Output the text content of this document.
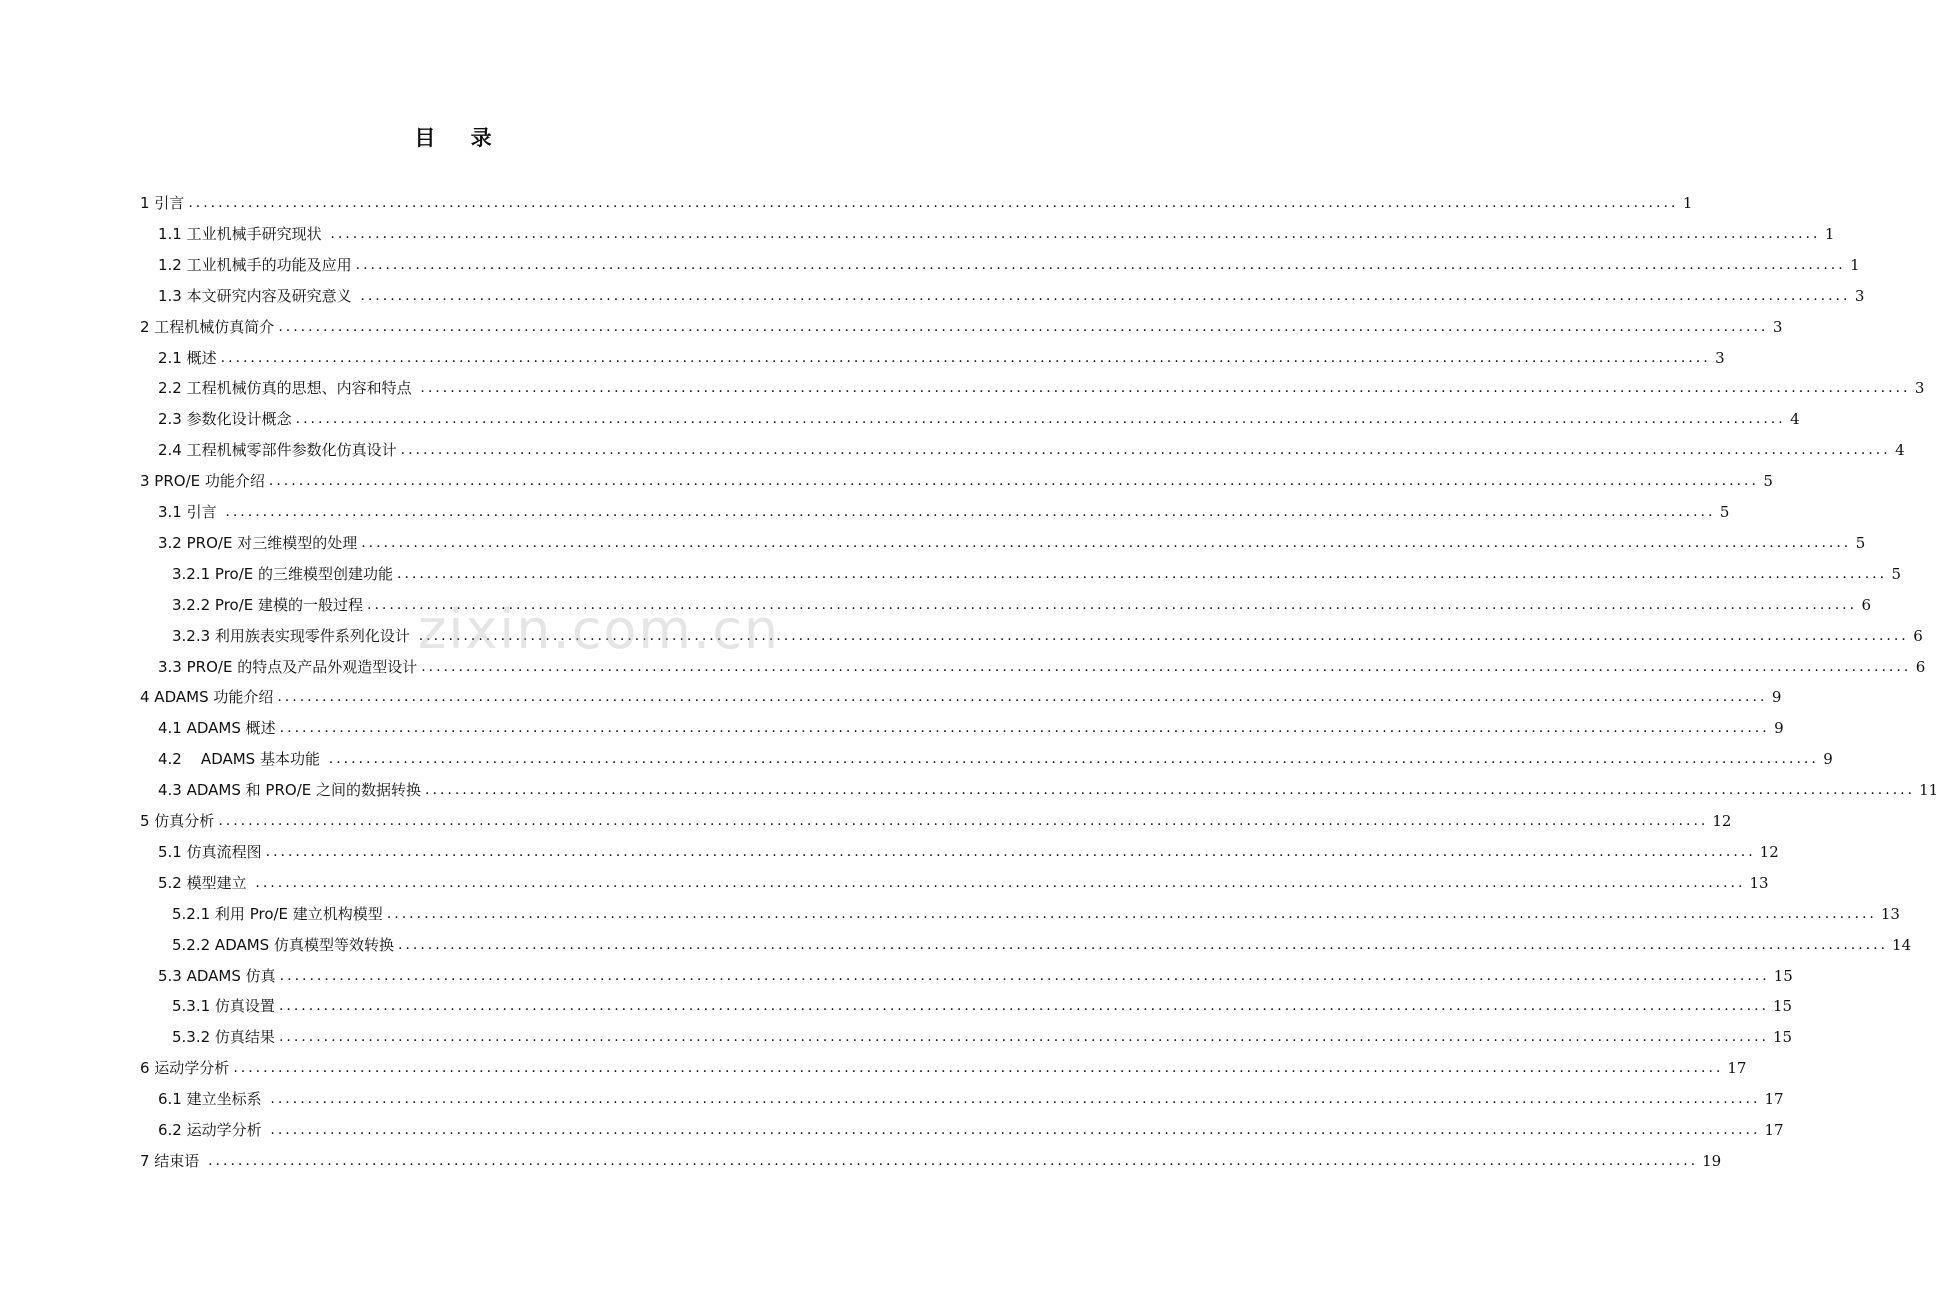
目 录
1 引言 ........................................................................................................................................................................................................ 1
1.1 工业机械手研究现状 ........................................................................................................................................................................................................ 1
1.2 工业机械手的功能及应用 ........................................................................................................................................................................................................ 1
1.3 本文研究内容及研究意义 ........................................................................................................................................................................................................ 3
2 工程机械仿真简介 ........................................................................................................................................................................................................ 3
2.1 概述 ........................................................................................................................................................................................................ 3
2.2 工程机械仿真的思想、内容和特点 ........................................................................................................................................................................................................ 3
2.3 参数化设计概念 ........................................................................................................................................................................................................ 4
2.4 工程机械零部件参数化仿真设计 ........................................................................................................................................................................................................ 4
3 PRO/E 功能介绍 ........................................................................................................................................................................................................ 5
3.1 引言 ........................................................................................................................................................................................................ 5
3.2 PRO/E 对三维模型的处理 ........................................................................................................................................................................................................ 5
3.2.1 Pro/E 的三维模型创建功能 ........................................................................................................................................................................................................ 5
3.2.2 Pro/E 建模的一般过程 ........................................................................................................................................................................................................ 6
3.2.3 利用族表实现零件系列化设计 ........................................................................................................................................................................................................ 6
3.3 PRO/E 的特点及产品外观造型设计 ........................................................................................................................................................................................................ 6
4 ADAMS 功能介绍 ........................................................................................................................................................................................................ 9
4.1 ADAMS 概述 ........................................................................................................................................................................................................ 9
4.2    ADAMS 基本功能 ........................................................................................................................................................................................................ 9
4.3 ADAMS 和 PRO/E 之间的数据转换 ........................................................................................................................................................................................................ 11
5 仿真分析 ........................................................................................................................................................................................................ 12
5.1 仿真流程图 ........................................................................................................................................................................................................ 12
5.2 模型建立 ........................................................................................................................................................................................................ 13
5.2.1 利用 Pro/E 建立机构模型 ........................................................................................................................................................................................................ 13
5.2.2 ADAMS 仿真模型等效转换 ........................................................................................................................................................................................................ 14
5.3 ADAMS 仿真 ........................................................................................................................................................................................................ 15
5.3.1 仿真设置 ........................................................................................................................................................................................................ 15
5.3.2 仿真结果 ........................................................................................................................................................................................................ 15
6 运动学分析 ........................................................................................................................................................................................................ 17
6.1 建立坐标系 ........................................................................................................................................................................................................ 17
6.2 运动学分析 ........................................................................................................................................................................................................ 17
7 结束语 ........................................................................................................................................................................................................ 19
zixin.com.cn
